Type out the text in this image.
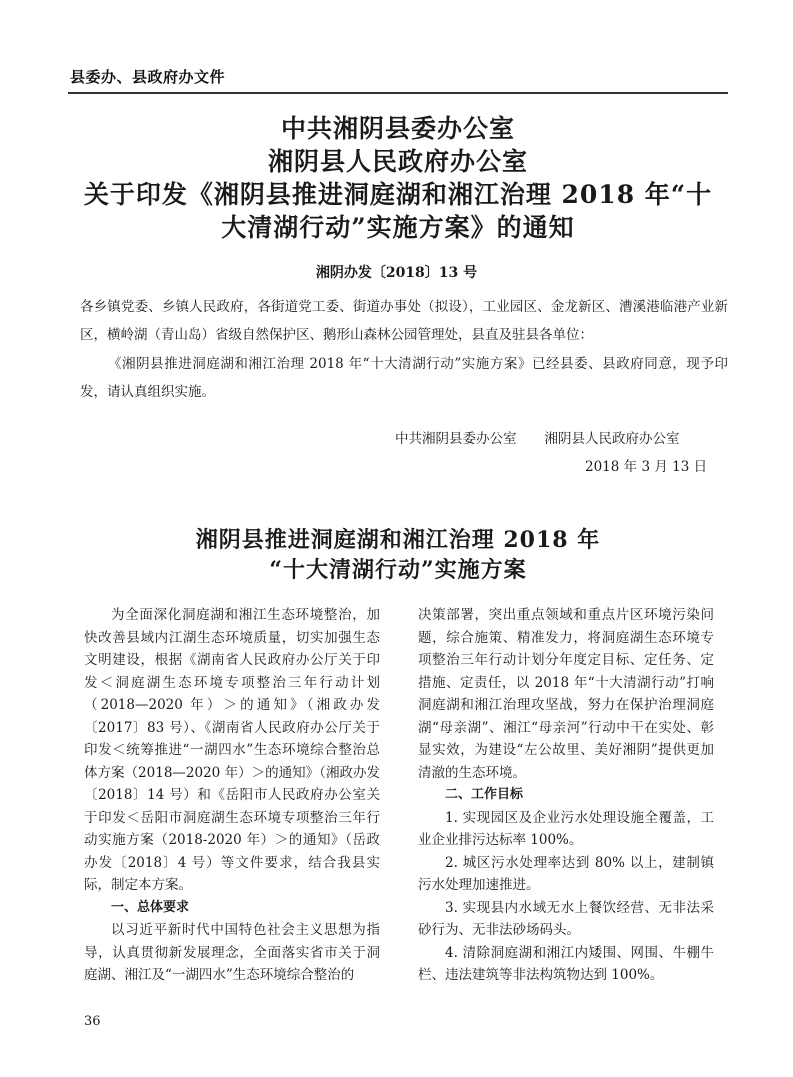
县委办、县政府办文件
中共湘阴县委办公室
湘阴县人民政府办公室
关于印发《湘阴县推进洞庭湖和湘江治理 2018 年“十
大清湖行动”实施方案》的通知
湘阴办发〔2018〕13 号
各乡镇党委、乡镇人民政府，各街道党工委、街道办事处（拟设），工业园区、金龙新区、漕溪港临港产业新区，横岭湖（青山岛）省级自然保护区、鹅形山森林公园管理处，县直及驻县各单位：
《湘阴县推进洞庭湖和湘江治理 2018 年“十大清湖行动”实施方案》已经县委、县政府同意，现予印发，请认真组织实施。
中共湘阴县委办公室 湘阴县人民政府办公室
2018 年 3 月 13 日
湘阴县推进洞庭湖和湘江治理 2018 年
“十大清湖行动”实施方案

为全面深化洞庭湖和湘江生态环境整治，加快改善县域内江湖生态环境质量，切实加强生态文明建设，根据《湖南省人民政府办公厅关于印发＜洞庭湖生态环境专项整治三年行动计划（2018—2020 年）＞的通知》（湘政办发〔2017〕83 号）、《湖南省人民政府办公厅关于印发＜统筹推进“一湖四水”生态环境综合整治总体方案（2018—2020 年）＞的通知》（湘政办发〔2018〕14 号）和《岳阳市人民政府办公室关于印发＜岳阳市洞庭湖生态环境专项整治三年行动实施方案（2018-2020 年）＞的通知》（岳政办发〔2018〕4 号）等文件要求，结合我县实际，制定本方案。

一、总体要求

以习近平新时代中国特色社会主义思想为指导，认真贯彻新发展理念，全面落实省市关于洞庭湖、湘江及“一湖四水”生态环境综合整治的

决策部署，突出重点领域和重点片区环境污染问题，综合施策、精准发力，将洞庭湖生态环境专项整治三年行动计划分年度定目标、定任务、定措施、定责任，以 2018 年“十大清湖行动”打响洞庭湖和湘江治理攻坚战，努力在保护治理洞庭湖“母亲湖”、湘江“母亲河”行动中干在实处、彰显实效，为建设“左公故里、美好湘阴”提供更加清澈的生态环境。

二、工作目标

1. 实现园区及企业污水处理设施全覆盖，工业企业排污达标率 100%。

2. 城区污水处理率达到 80% 以上，建制镇污水处理加速推进。

3. 实现县内水域无水上餐饮经营、无非法采砂行为、无非法砂场码头。

4. 清除洞庭湖和湘江内矮围、网围、牛棚牛栏、违法建筑等非法构筑物达到 100%。

36
